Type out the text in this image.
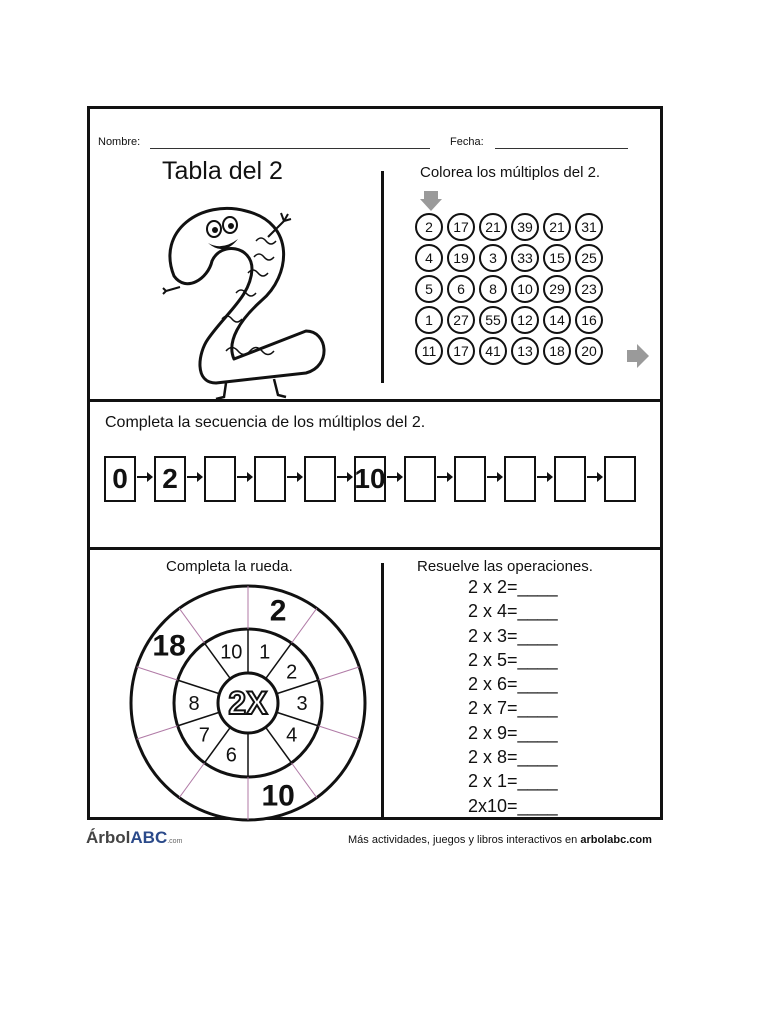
Nombre:	Fecha:
Tabla del 2	Colorea los múltiplos del 2.
2	17	21	39	21	31
4	19	3	33	15	25
5	6	8	10	29	23
1	27	55	12	14	16
11	17	41	13	18	20
Completa la secuencia de los múltiplos del 2.
0 2	10
Completa la rueda.
2X
1
2
3
4
6
7
8
10
2
10
18
Resuelve las operaciones.
2 x 2=____
2 x 4=____
2 x 3=____
2 x 5=____
2 x 6=____
2 x 7=____
2 x 9=____
2 x 8=____
2 x 1=____
2x10=____
ÁrbolABC.com	Más actividades, juegos y libros interactivos en arbolabc.com
